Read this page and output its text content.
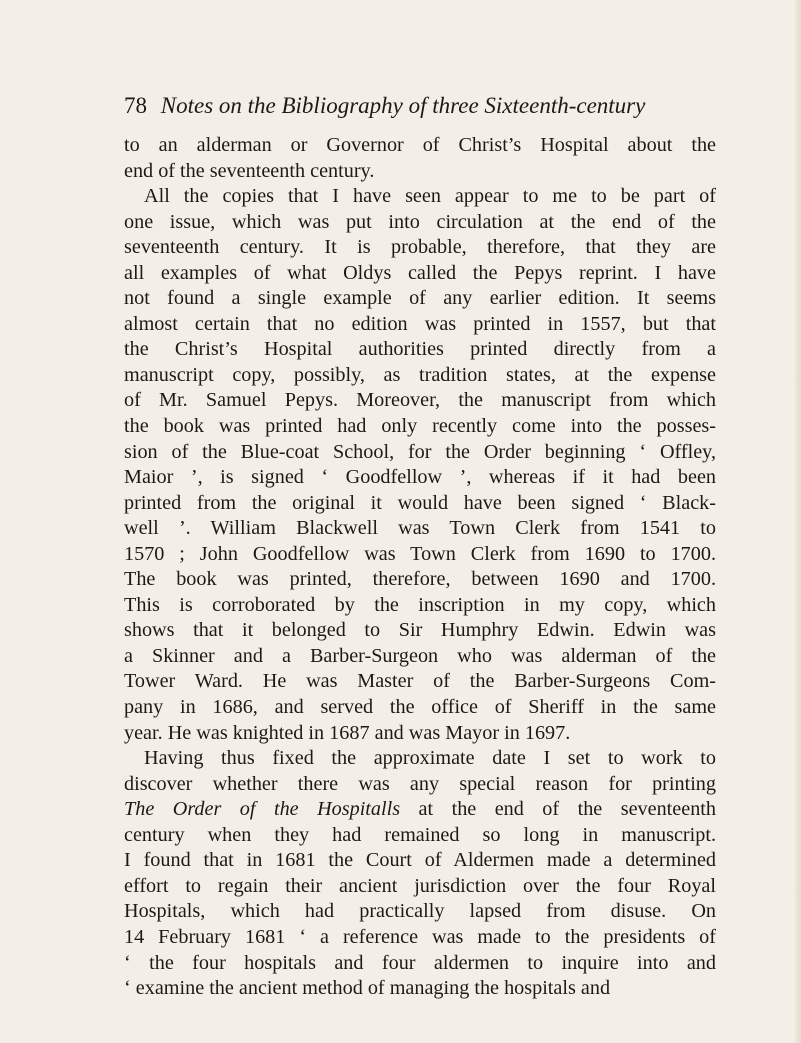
78 Notes on the Bibliography of three Sixteenth-century
to an alderman or Governor of Christ’s Hospital about the
end of the seventeenth century.
All the copies that I have seen appear to me to be part of
one issue, which was put into circulation at the end of the
seventeenth century. It is probable, therefore, that they are
all examples of what Oldys called the Pepys reprint. I have
not found a single example of any earlier edition. It seems
almost certain that no edition was printed in 1557, but that
the Christ’s Hospital authorities printed directly from a
manuscript copy, possibly, as tradition states, at the expense
of Mr. Samuel Pepys. Moreover, the manuscript from which
the book was printed had only recently come into the posses-
sion of the Blue-coat School, for the Order beginning ‘ Offley,
Maior ’, is signed ‘ Goodfellow ’, whereas if it had been
printed from the original it would have been signed ‘ Black-
well ’. William Blackwell was Town Clerk from 1541 to
1570 ; John Goodfellow was Town Clerk from 1690 to 1700.
The book was printed, therefore, between 1690 and 1700.
This is corroborated by the inscription in my copy, which
shows that it belonged to Sir Humphry Edwin. Edwin was
a Skinner and a Barber-Surgeon who was alderman of the
Tower Ward. He was Master of the Barber-Surgeons Com-
pany in 1686, and served the office of Sheriff in the same
year. He was knighted in 1687 and was Mayor in 1697.
Having thus fixed the approximate date I set to work to
discover whether there was any special reason for printing
The Order of the Hospitalls at the end of the seventeenth
century when they had remained so long in manuscript.
I found that in 1681 the Court of Aldermen made a determined
effort to regain their ancient jurisdiction over the four Royal
Hospitals, which had practically lapsed from disuse. On
14 February 1681 ‘ a reference was made to the presidents of
‘ the four hospitals and four aldermen to inquire into and
‘ examine the ancient method of managing the hospitals and
